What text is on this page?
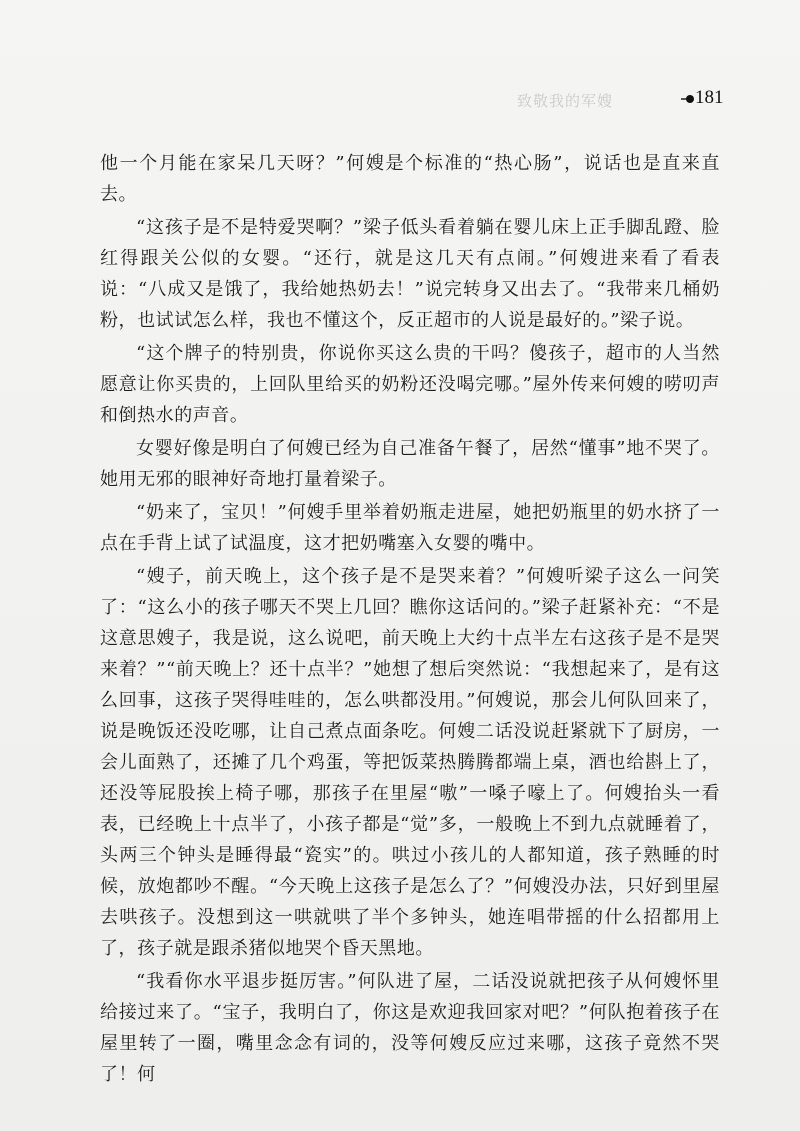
致敬我的军嫂	181

他一个月能在家呆几天呀？”何嫂是个标准的“热心肠”，说话也是直来直去。

“这孩子是不是特爱哭啊？”梁子低头看着躺在婴儿床上正手脚乱蹬、脸红得跟关公似的女婴。“还行，就是这几天有点闹。”何嫂进来看了看表说：“八成又是饿了，我给她热奶去！”说完转身又出去了。“我带来几桶奶粉，也试试怎么样，我也不懂这个，反正超市的人说是最好的。”梁子说。

“这个牌子的特别贵，你说你买这么贵的干吗？傻孩子，超市的人当然愿意让你买贵的，上回队里给买的奶粉还没喝完哪。”屋外传来何嫂的唠叨声和倒热水的声音。

女婴好像是明白了何嫂已经为自己准备午餐了，居然“懂事”地不哭了。她用无邪的眼神好奇地打量着梁子。

“奶来了，宝贝！”何嫂手里举着奶瓶走进屋，她把奶瓶里的奶水挤了一点在手背上试了试温度，这才把奶嘴塞入女婴的嘴中。

“嫂子，前天晚上，这个孩子是不是哭来着？”何嫂听梁子这么一问笑了：“这么小的孩子哪天不哭上几回？瞧你这话问的。”梁子赶紧补充：“不是这意思嫂子，我是说，这么说吧，前天晚上大约十点半左右这孩子是不是哭来着？”“前天晚上？还十点半？”她想了想后突然说：“我想起来了，是有这么回事，这孩子哭得哇哇的，怎么哄都没用。”何嫂说，那会儿何队回来了，说是晚饭还没吃哪，让自己煮点面条吃。何嫂二话没说赶紧就下了厨房，一会儿面熟了，还摊了几个鸡蛋，等把饭菜热腾腾都端上桌，酒也给斟上了，还没等屁股挨上椅子哪，那孩子在里屋“嗷”一嗓子嚎上了。何嫂抬头一看表，已经晚上十点半了，小孩子都是“觉”多，一般晚上不到九点就睡着了，头两三个钟头是睡得最“瓷实”的。哄过小孩儿的人都知道，孩子熟睡的时候，放炮都吵不醒。“今天晚上这孩子是怎么了？”何嫂没办法，只好到里屋去哄孩子。没想到这一哄就哄了半个多钟头，她连唱带摇的什么招都用上了，孩子就是跟杀猪似地哭个昏天黑地。

“我看你水平退步挺厉害。”何队进了屋，二话没说就把孩子从何嫂怀里给接过来了。“宝子，我明白了，你这是欢迎我回家对吧？”何队抱着孩子在屋里转了一圈，嘴里念念有词的，没等何嫂反应过来哪，这孩子竟然不哭了！何
